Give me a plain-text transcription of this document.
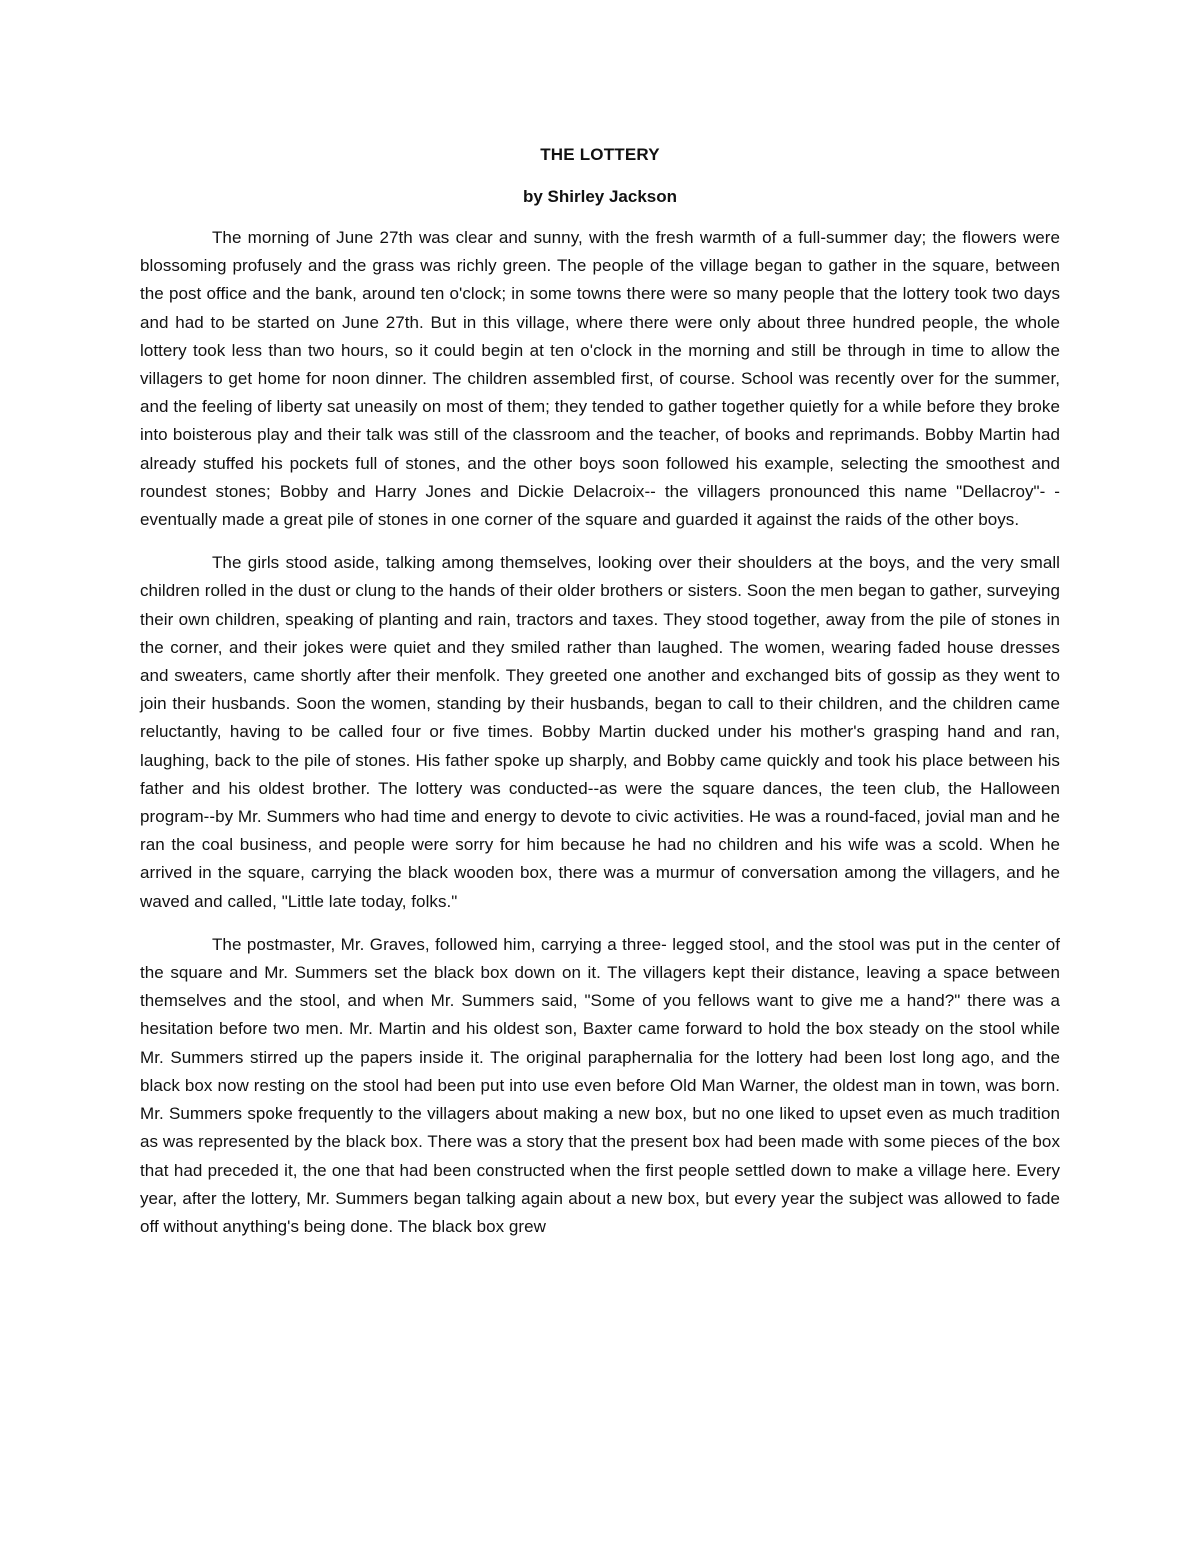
THE LOTTERY
by Shirley Jackson

The morning of June 27th was clear and sunny, with the fresh warmth of a full-summer day; the flowers were blossoming profusely and the grass was richly green. The people of the village began to gather in the square, between the post office and the bank, around ten o'clock; in some towns there were so many people that the lottery took two days and had to be started on June 27th. But in this village, where there were only about three hundred people, the whole lottery took less than two hours, so it could begin at ten o'clock in the morning and still be through in time to allow the villagers to get home for noon dinner. The children assembled first, of course. School was recently over for the summer, and the feeling of liberty sat uneasily on most of them; they tended to gather together quietly for a while before they broke into boisterous play and their talk was still of the classroom and the teacher, of books and reprimands. Bobby Martin had already stuffed his pockets full of stones, and the other boys soon followed his example, selecting the smoothest and roundest stones; Bobby and Harry Jones and Dickie Delacroix-- the villagers pronounced this name "Dellacroy"- -eventually made a great pile of stones in one corner of the square and guarded it against the raids of the other boys.

The girls stood aside, talking among themselves, looking over their shoulders at the boys, and the very small children rolled in the dust or clung to the hands of their older brothers or sisters. Soon the men began to gather, surveying their own children, speaking of planting and rain, tractors and taxes. They stood together, away from the pile of stones in the corner, and their jokes were quiet and they smiled rather than laughed. The women, wearing faded house dresses and sweaters, came shortly after their menfolk. They greeted one another and exchanged bits of gossip as they went to join their husbands. Soon the women, standing by their husbands, began to call to their children, and the children came reluctantly, having to be called four or five times. Bobby Martin ducked under his mother's grasping hand and ran, laughing, back to the pile of stones. His father spoke up sharply, and Bobby came quickly and took his place between his father and his oldest brother. The lottery was conducted--as were the square dances, the teen club, the Halloween program--by Mr. Summers who had time and energy to devote to civic activities. He was a round-faced, jovial man and he ran the coal business, and people were sorry for him because he had no children and his wife was a scold. When he arrived in the square, carrying the black wooden box, there was a murmur of conversation among the villagers, and he waved and called, "Little late today, folks."

The postmaster, Mr. Graves, followed him, carrying a three- legged stool, and the stool was put in the center of the square and Mr. Summers set the black box down on it. The villagers kept their distance, leaving a space between themselves and the stool, and when Mr. Summers said, "Some of you fellows want to give me a hand?" there was a hesitation before two men. Mr. Martin and his oldest son, Baxter came forward to hold the box steady on the stool while Mr. Summers stirred up the papers inside it. The original paraphernalia for the lottery had been lost long ago, and the black box now resting on the stool had been put into use even before Old Man Warner, the oldest man in town, was born. Mr. Summers spoke frequently to the villagers about making a new box, but no one liked to upset even as much tradition as was represented by the black box. There was a story that the present box had been made with some pieces of the box that had preceded it, the one that had been constructed when the first people settled down to make a village here. Every year, after the lottery, Mr. Summers began talking again about a new box, but every year the subject was allowed to fade off without anything's being done. The black box grew
